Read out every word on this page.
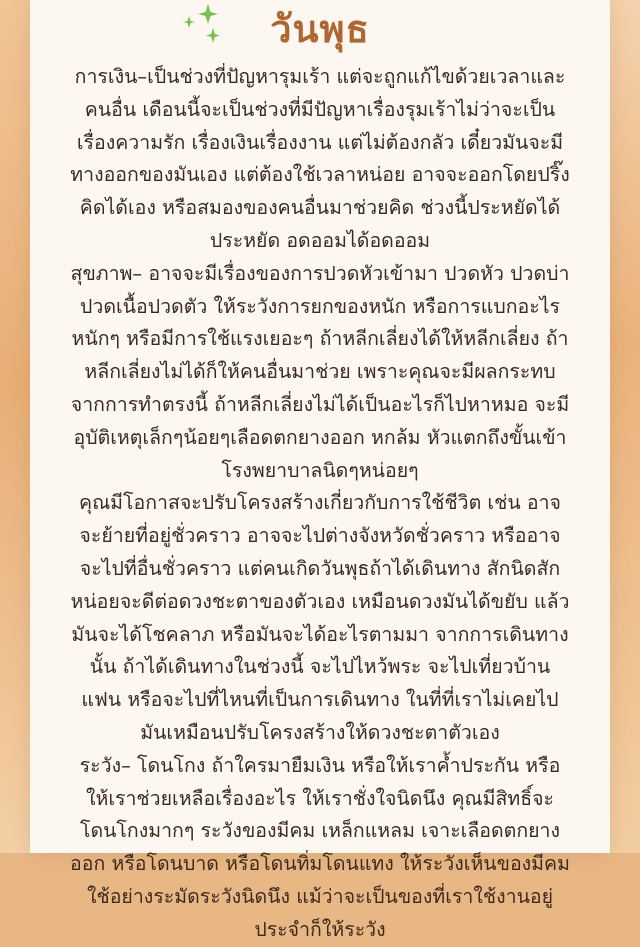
วันพุธ

การเงิน–เป็นช่วงที่ปัญหารุมเร้า แต่จะถูกแก้ไขด้วยเวลาและคนอื่น เดือนนี้จะเป็นช่วงที่มีปัญหาเรื่องรุมเร้าไม่ว่าจะเป็นเรื่องความรัก เรื่องเงินเรื่องงาน แต่ไม่ต้องกลัว เดี๋ยวมันจะมีทางออกของมันเอง แต่ต้องใช้เวลาหน่อย อาจจะออกโดยปริ๊งคิดได้เอง หรือสมองของคนอื่นมาช่วยคิด ช่วงนี้ประหยัดได้ประหยัด อดออมได้อดออม

สุขภาพ– อาจจะมีเรื่องของการปวดหัวเข้ามา ปวดหัว ปวดบ่า ปวดเนื้อปวดตัว ให้ระวังการยกของหนัก หรือการแบกอะไรหนักๆ หรือมีการใช้แรงเยอะๆ ถ้าหลีกเลี่ยงได้ให้หลีกเลี่ยง ถ้าหลีกเลี่ยงไม่ได้ก็ให้คนอื่นมาช่วย เพราะคุณจะมีผลกระทบจากการทำตรงนี้ ถ้าหลีกเลี่ยงไม่ได้เป็นอะไรก็ไปหาหมอ จะมีอุบัติเหตุเล็กๆน้อยๆเลือดตกยางออก หกล้ม หัวแตกถึงขั้นเข้าโรงพยาบาลนิดๆหน่อยๆ

คุณมีโอกาสจะปรับโครงสร้างเกี่ยวกับการใช้ชีวิต เช่น อาจจะย้ายที่อยู่ชั่วคราว อาจจะไปต่างจังหวัดชั่วคราว หรืออาจจะไปที่อื่นชั่วคราว แต่คนเกิดวันพุธถ้าได้เดินทาง สักนิดสักหน่อยจะดีต่อดวงชะตาของตัวเอง เหมือนดวงมันได้ขยับ แล้วมันจะได้โชคลาภ หรือมันจะได้อะไรตามมา จากการเดินทางนั้น ถ้าได้เดินทางในช่วงนี้ จะไปไหว้พระ จะไปเที่ยวบ้านแฟน หรือจะไปที่ไหนที่เป็นการเดินทาง ในที่ที่เราไม่เคยไป มันเหมือนปรับโครงสร้างให้ดวงชะตาตัวเอง

ระวัง– โดนโกง ถ้าใครมายืมเงิน หรือให้เราค้ำประกัน หรือให้เราช่วยเหลือเรื่องอะไร ให้เราชั่งใจนิดนึง คุณมีสิทธิ์จะโดนโกงมากๆ ระวังของมีคม เหล็กแหลม เจาะเลือดตกยางออก หรือโดนบาด หรือโดนทิ่มโดนแทง ให้ระวังเห็นของมีคมใช้อย่างระมัดระวังนิดนึง แม้ว่าจะเป็นของที่เราใช้งานอยู่ประจำก็ให้ระวัง
